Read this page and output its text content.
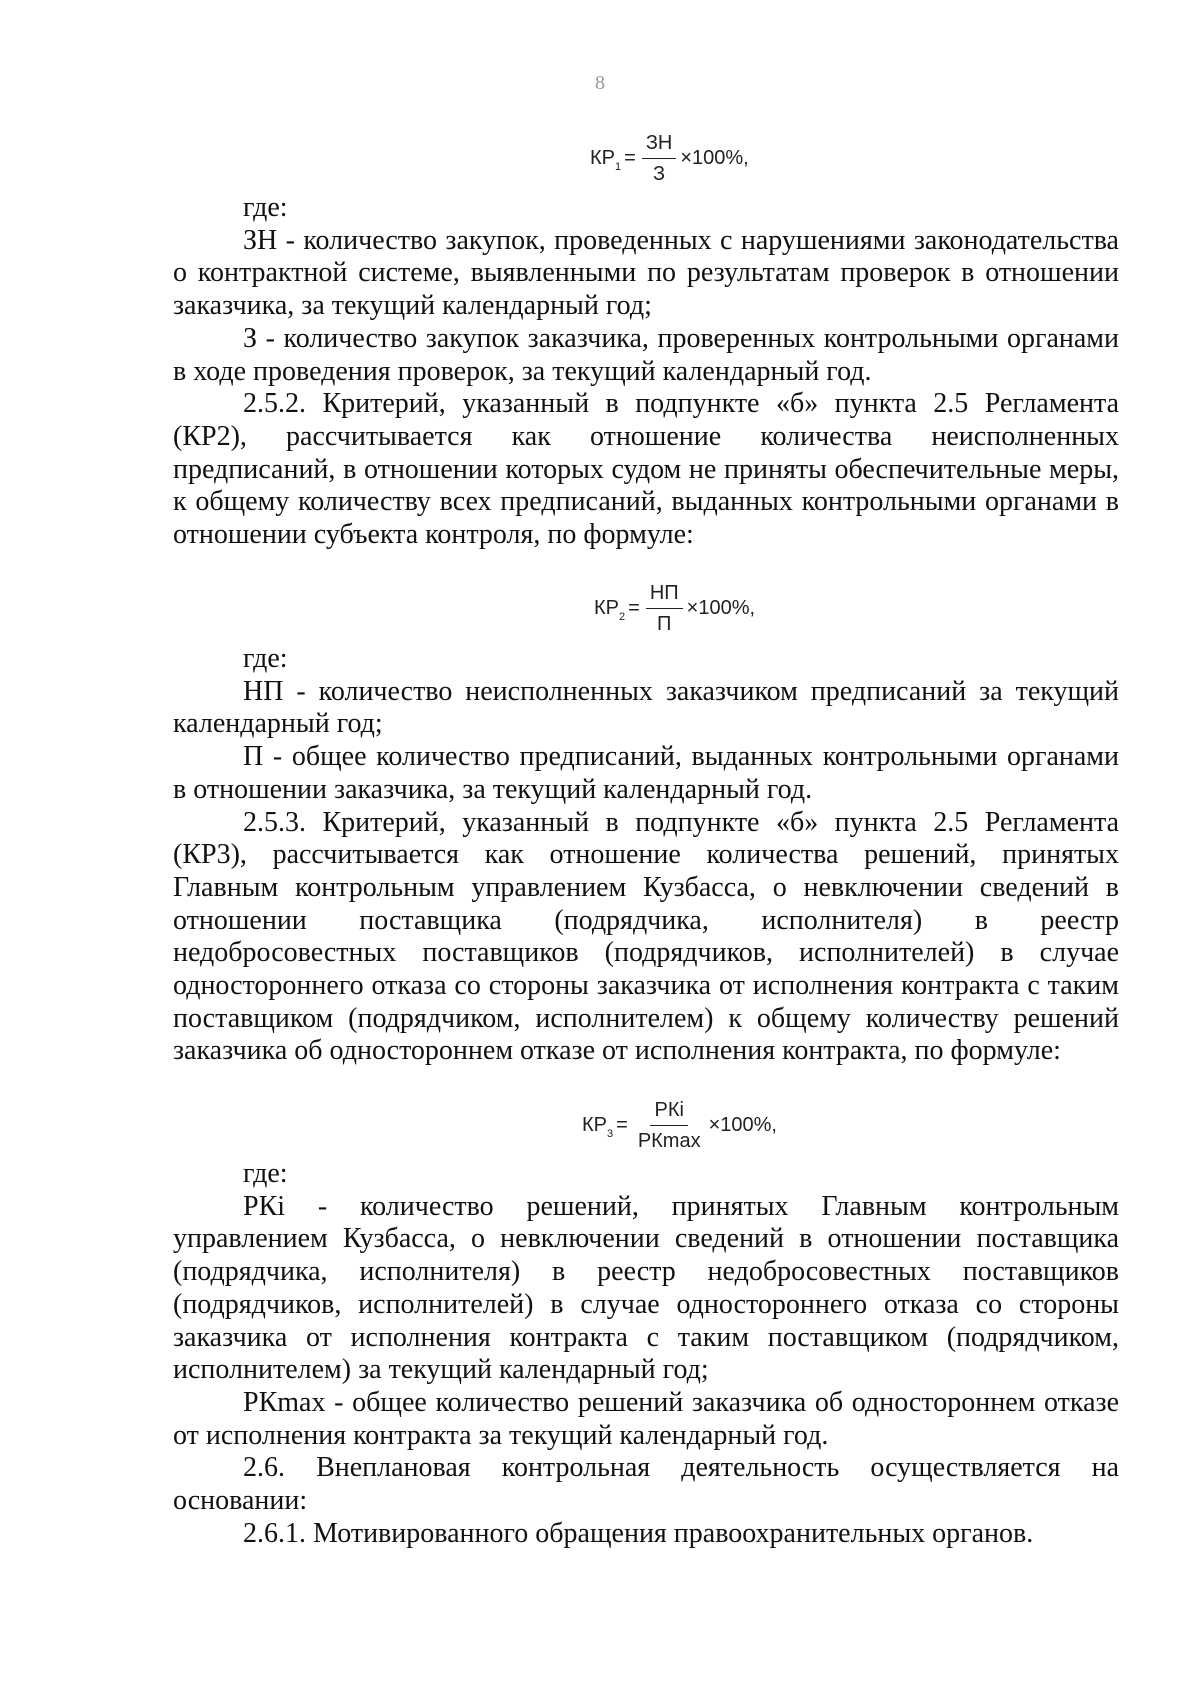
8
$КР_1 = \frac{ЗН}{З} \times 100\%$,

где:

ЗН - количество закупок, проведенных с нарушениями законодательства о контрактной системе, выявленными по результатам проверок в отношении заказчика, за текущий календарный год;

З - количество закупок заказчика, проверенных контрольными органами в ходе проведения проверок, за текущий календарный год.

2.5.2. Критерий, указанный в подпункте «б» пункта 2.5 Регламента (КР2), рассчитывается как отношение количества неисполненных предписаний, в отношении которых судом не приняты обеспечительные меры, к общему количеству всех предписаний, выданных контрольными органами в отношении субъекта контроля, по формуле:

$КР_2 = \frac{НП}{П} \times 100\%$,

где:

НП - количество неисполненных заказчиком предписаний за текущий календарный год;

П - общее количество предписаний, выданных контрольными органами в отношении заказчика, за текущий календарный год.

2.5.3. Критерий, указанный в подпункте «б» пункта 2.5 Регламента (КР3), рассчитывается как отношение количества решений, принятых Главным контрольным управлением Кузбасса, о невключении сведений в отношении поставщика (подрядчика, исполнителя) в реестр недобросовестных поставщиков (подрядчиков, исполнителей) в случае одностороннего отказа со стороны заказчика от исполнения контракта с таким поставщиком (подрядчиком, исполнителем) к общему количеству решений заказчика об одностороннем отказе от исполнения контракта, по формуле:

$КР_3 = \frac{\text{РКi}}{РК\max} \times 100\%$,

где:

РКi - количество решений, принятых Главным контрольным управлением Кузбасса, о невключении сведений в отношении поставщика (подрядчика, исполнителя) в реестр недобросовестных поставщиков (подрядчиков, исполнителей) в случае одностороннего отказа со стороны заказчика от исполнения контракта с таким поставщиком (подрядчиком, исполнителем) за текущий календарный год;

РКmax - общее количество решений заказчика об одностороннем отказе от исполнения контракта за текущий календарный год.

2.6. Внеплановая контрольная деятельность осуществляется на основании:

2.6.1. Мотивированного обращения правоохранительных органов.
